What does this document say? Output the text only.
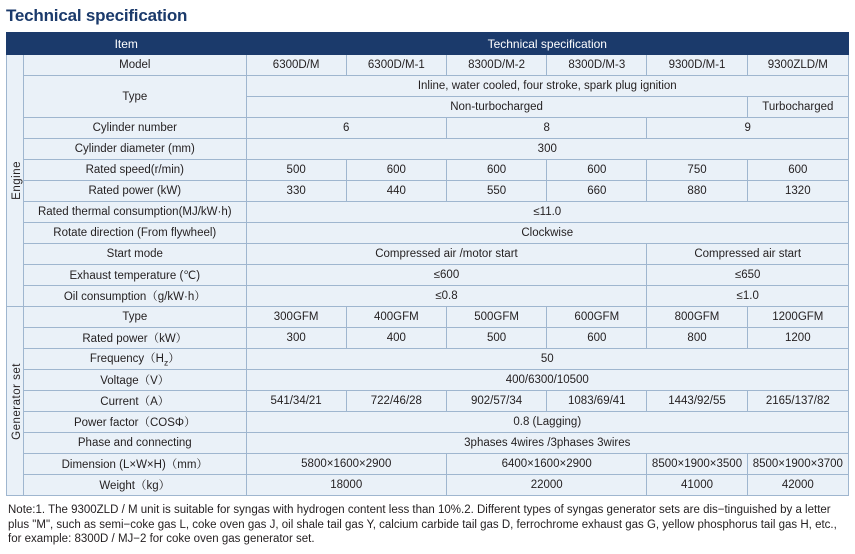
Technical specification
Item		Technical specification					

Engine	Model	6300D/M	6300D/M-1	8300D/M-2	8300D/M-3	9300D/M-1	9300ZLD/M
	Type	Inline, water cooled, four stroke, spark plug ignition					
		Non-turbocharged					Turbocharged
	Cylinder number	6		8		9	
	Cylinder diameter (mm)	300					
	Rated speed(r/min)	500	600	600	600	750	600
	Rated power (kW)	330	440	550	660	880	1320
	Rated thermal consumption(MJ/kW·h)	≤11.0					
	Rotate direction (From flywheel)	Clockwise					
	Start mode	Compressed air /motor start				Compressed air start	
	Exhaust temperature (℃)	≤600				≤650	
	Oil consumption（g/kW·h）	≤0.8				≤1.0	

Generator set	Type	300GFM	400GFM	500GFM	600GFM	800GFM	1200GFM
	Rated power（kW）	300	400	500	600	800	1200
	$Frequency(H_z)$	50					
	Voltage（V）	400/6300/10500					
	Current（A）	541/34/21	722/46/28	902/57/34	1083/69/41	1443/92/55	2165/137/82
	Power factor（COSΦ）	0.8 (Lagging)					
	Phase and connecting	3phases 4wires /3phases 3wires					
	Dimension (L×W×H)（mm）	5800×1600×2900		6400×1600×2900		8500×1900×3500	8500×1900×3700
	Weight（kg）	18000		22000		41000	42000
Note:1. The 9300ZLD / M unit is suitable for syngas with hydrogen content less than 10%.2. Different types of syngas generator sets are dis−tinguished by a letter plus "M", such as semi−coke gas L, coke oven gas J, oil shale tail gas Y, calcium carbide tail gas D, ferrochrome exhaust gas G, yellow phosphorus tail gas H, etc., for example: 8300D / MJ−2 for coke oven gas generator set.
